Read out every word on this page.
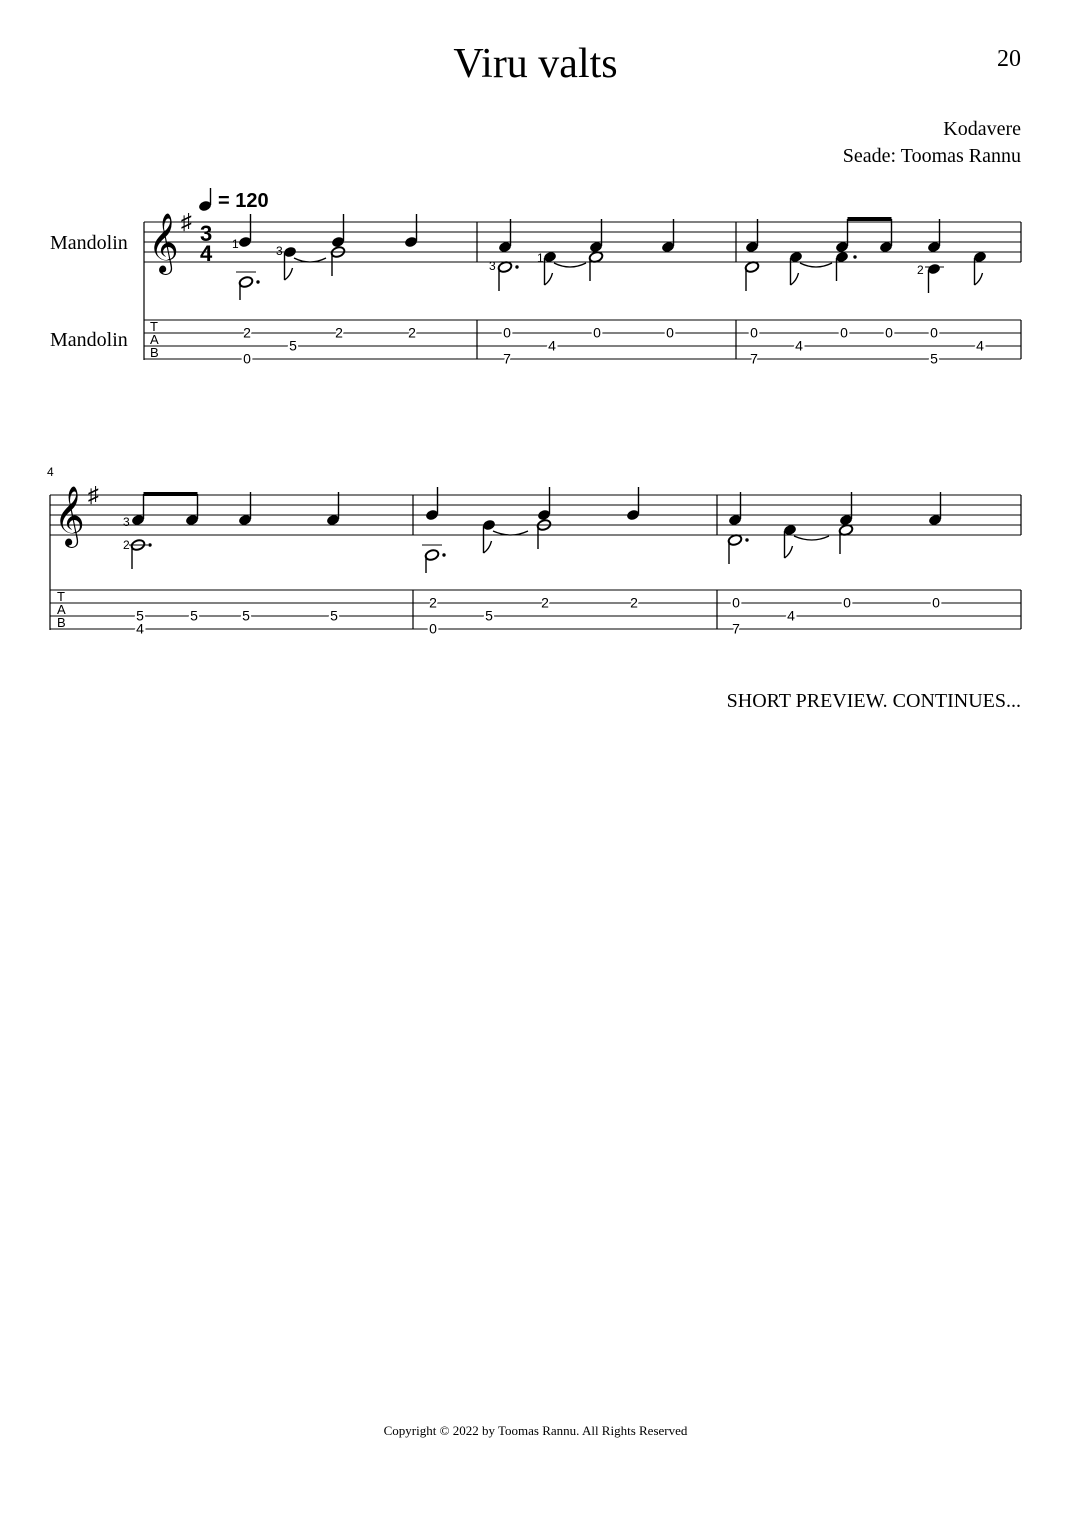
Viru valts	20
Kodavere
Seade: Toomas Rannu
Mandolin
Mandolin
= 120
𝄞 ♯ 3
4 1	3
3
1
2
T
A
B
2
0
5
2	2	0
7
4
0	0	0
7
4
0	0	0
5
4
4
𝄞 ♯
3
2
T
A
B	5
4
5	5	5
2
0
5
2	2	0
7
4
0	0
SHORT PREVIEW. CONTINUES...
Copyright © 2022 by Toomas Rannu. All Rights Reserved
